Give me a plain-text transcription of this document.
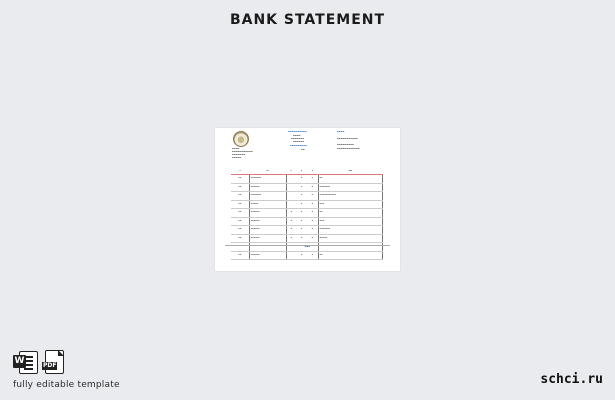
BANK STATEMENT
▬▬▬▬▬▬▬▬▬▬
▬▬▬▬
▬▬▬▬▬▬▬
▬▬▬▬▬▬
▬▬▬▬▬▬▬▬▬
▬▬
▬▬▬▬
▬▬▬▬▬▬▬▬▬▬▬
▬▬▬▬▬▬▬▬▬
▬▬▬▬▬▬▬▬▬▬▬▬
▬▬▬▬
▬▬▬▬▬▬▬▬▬▬▬
▬▬▬▬▬▬▬
▬▬▬▬▬
▪	▪▪	▪	▪	▪	▪▪▪
▬▬	▬▬▬▬▬▬▬		▬	▬	▬▬
▬▬	▬▬▬▬▬▬		▬	▬	▬▬▬▬▬▬▬
▬▬	▬▬▬▬▬▬▬		▬	▬	▬▬▬▬▬▬▬▬▬▬▬
▬▬	▬▬▬▬▬		▬	▬	▬▬▬
▬▬	▬▬▬▬▬▬	▬	▬	▬	▬▬
▬▬	▬▬▬▬▬▬	▬	▬	▬	▬▬▬
▬▬	▬▬▬▬▬▬	▬	▬	▬	▬▬▬▬▬▬▬
▬▬	▬▬▬▬▬▬	▬	▬	▬	▬▬▬▬▬
▬▬	▬▬▬▬▬▬	▬	▬	▬	▬▬▬▬▬▬
▬▬	▬▬▬▬▬▬		▬	▬	▬▬
▬▬▬
W	PDF
fully editable template	schci.ru
